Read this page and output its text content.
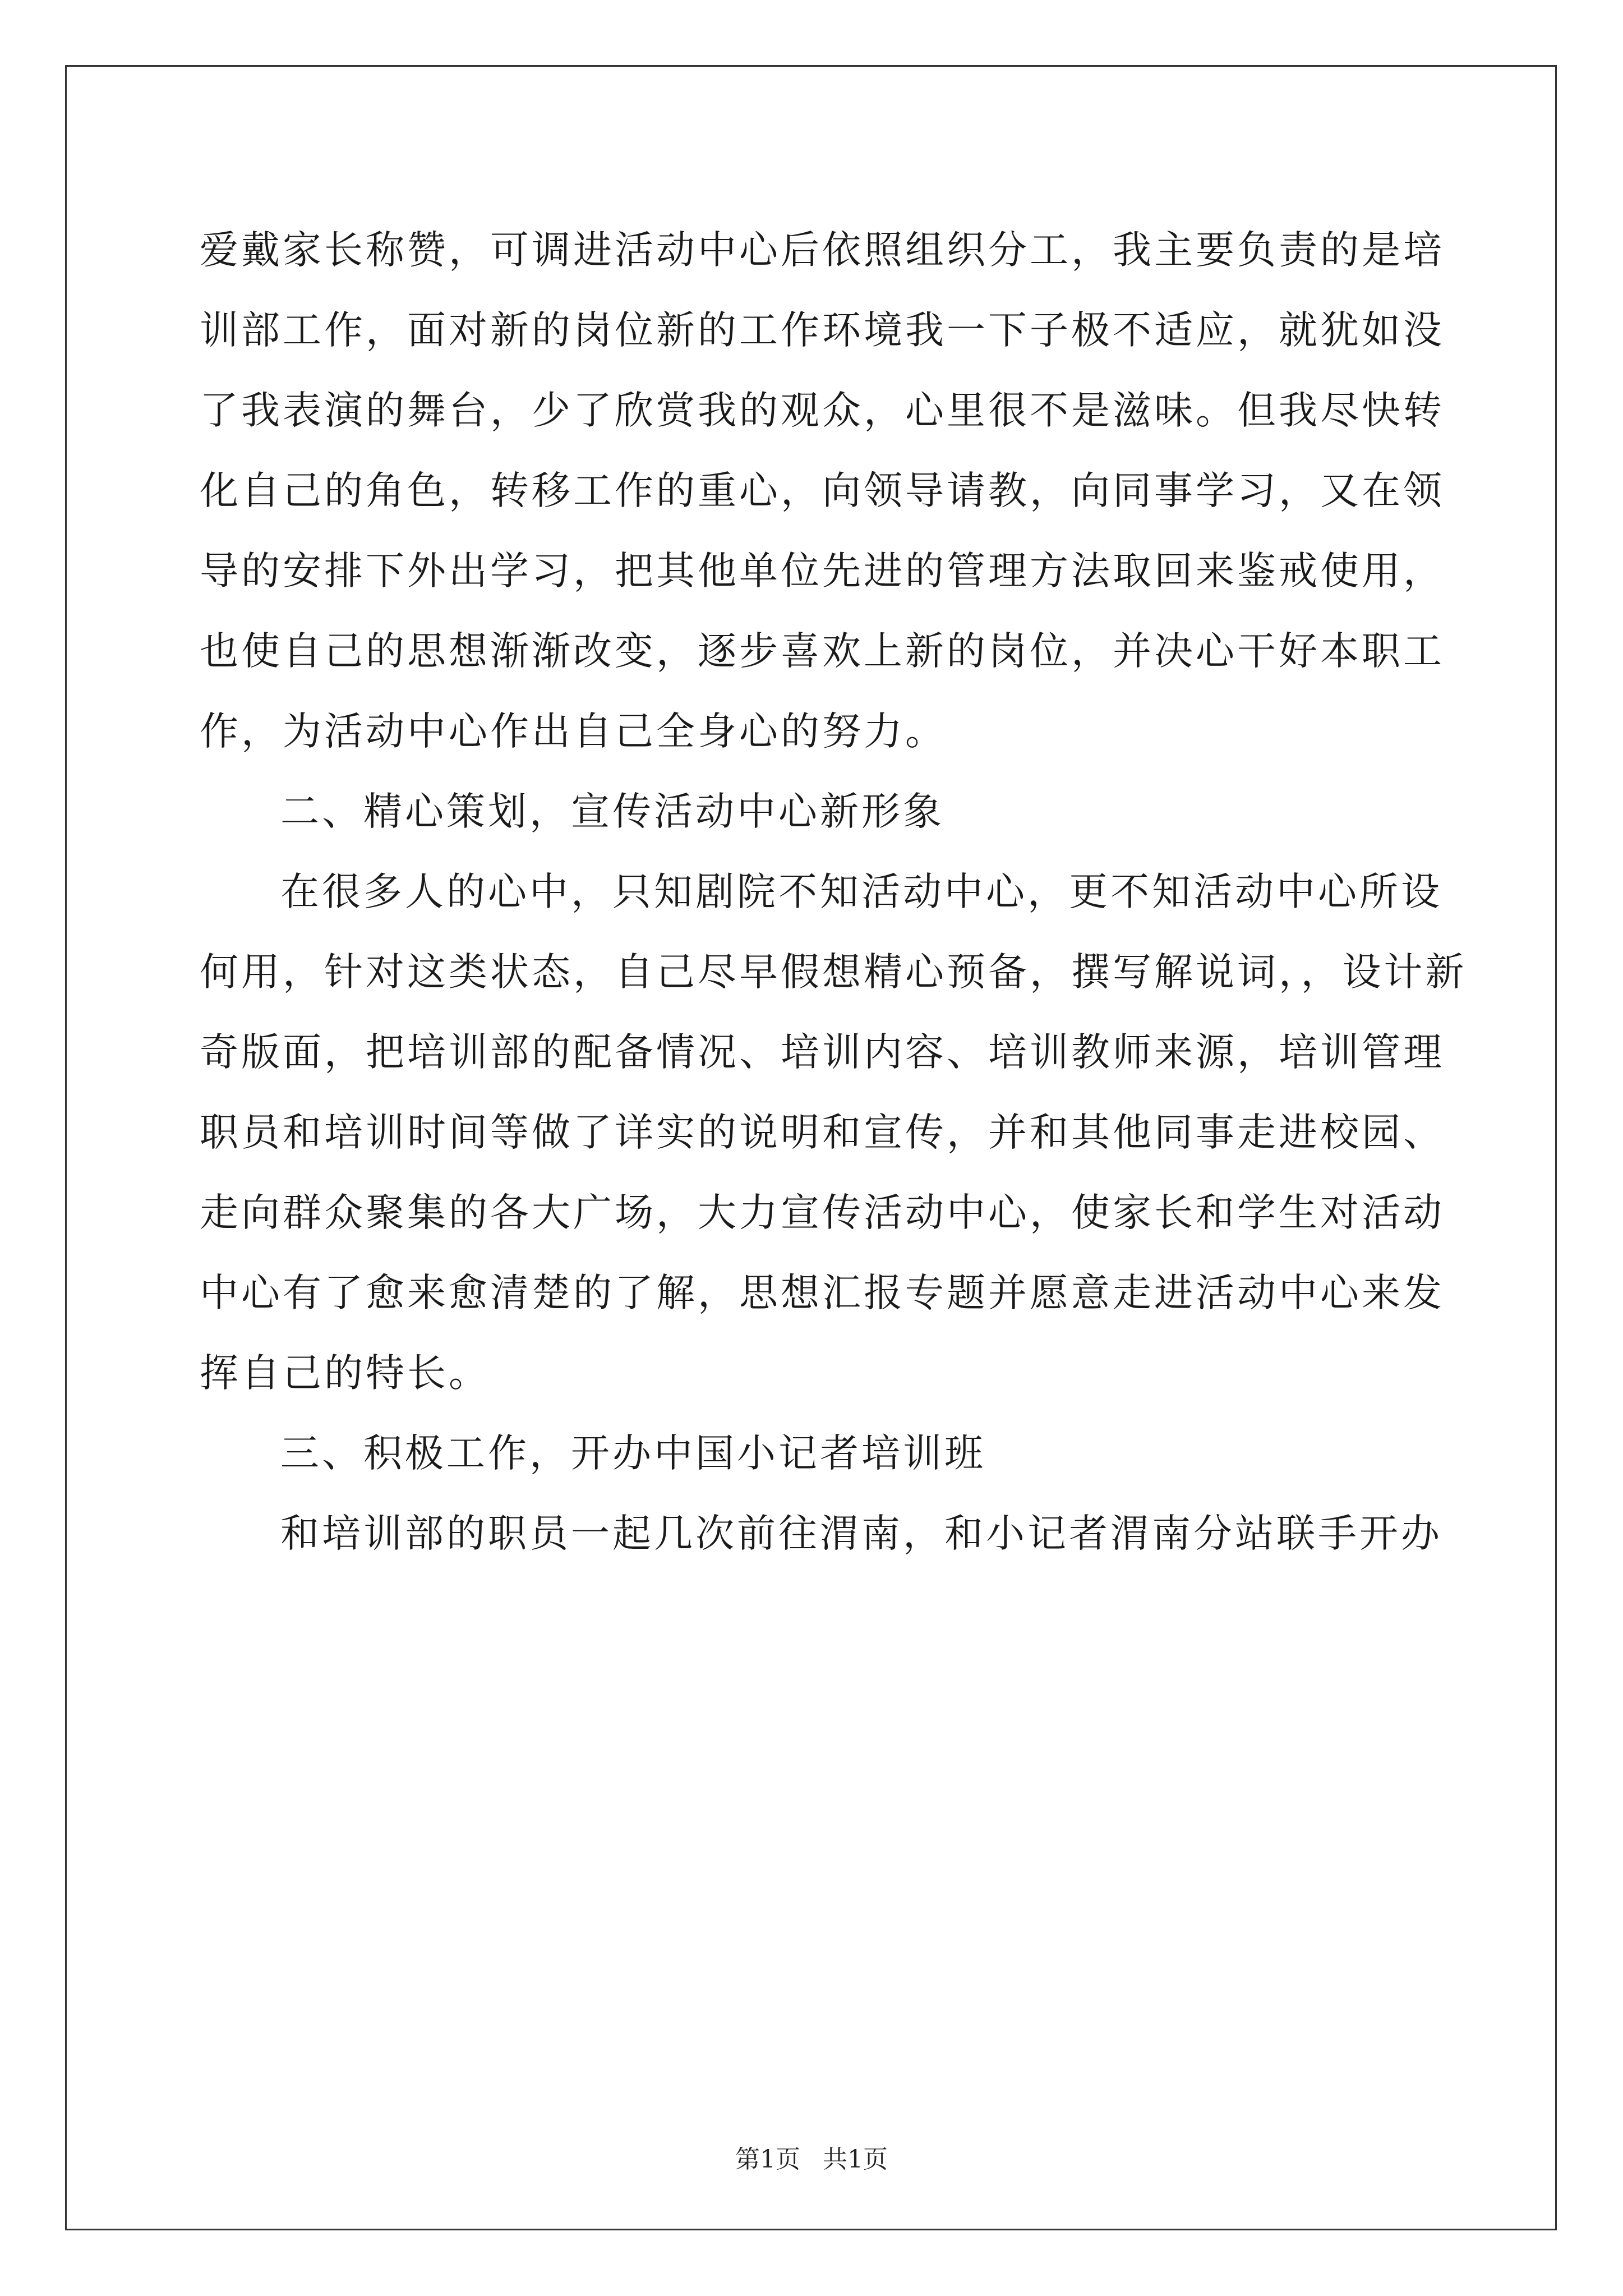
爱戴家长称赞，可调进活动中心后依照组织分工，我主要负责的是培
训部工作，面对新的岗位新的工作环境我一下子极不适应，就犹如没
了我表演的舞台，少了欣赏我的观众，心里很不是滋味。但我尽快转
化自己的角色，转移工作的重心，向领导请教，向同事学习，又在领
导的安排下外出学习，把其他单位先进的管理方法取回来鉴戒使用，
也使自己的思想渐渐改变，逐步喜欢上新的岗位，并决心干好本职工
作，为活动中心作出自己全身心的努力。
二、精心策划，宣传活动中心新形象
在很多人的心中，只知剧院不知活动中心，更不知活动中心所设
何用，针对这类状态，自己尽早假想精心预备，撰写解说词，，设计新
奇版面，把培训部的配备情况、培训内容、培训教师来源，培训管理
职员和培训时间等做了详实的说明和宣传，并和其他同事走进校园、
走向群众聚集的各大广场，大力宣传活动中心，使家长和学生对活动
中心有了愈来愈清楚的了解，思想汇报专题并愿意走进活动中心来发
挥自己的特长。
三、积极工作，开办中国小记者培训班
和培训部的职员一起几次前往渭南，和小记者渭南分站联手开办
第1页 共1页
